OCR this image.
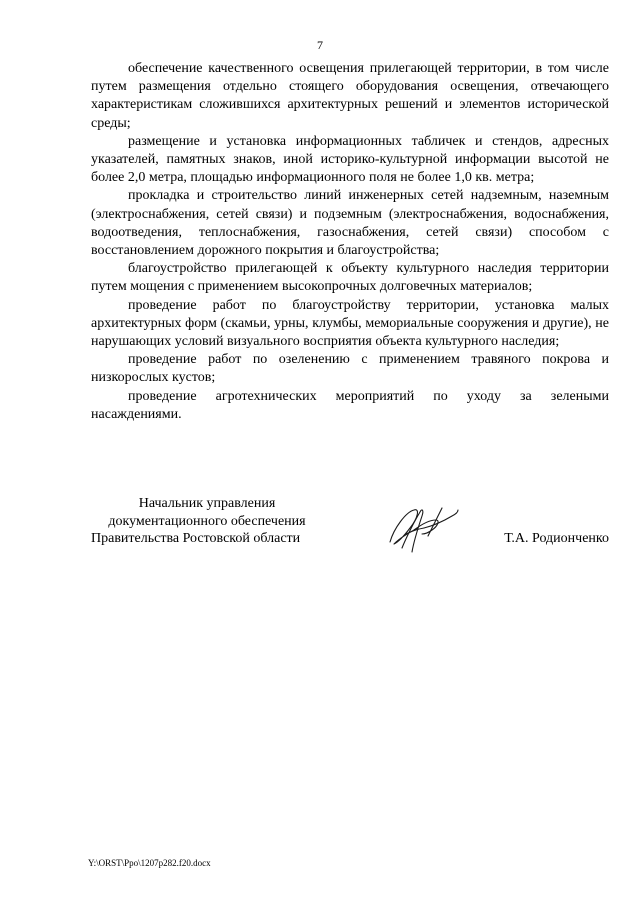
7

обеспечение качественного освещения прилегающей территории, в том числе путем размещения отдельно стоящего оборудования освещения, отвечающего характеристикам сложившихся архитектурных решений и элементов исторической среды;

размещение и установка информационных табличек и стендов, адресных указателей, памятных знаков, иной историко-культурной информации высотой не более 2,0 метра, площадью информационного поля не более 1,0 кв. метра;

прокладка и строительство линий инженерных сетей надземным, наземным (электроснабжения, сетей связи) и подземным (электроснабжения, водоснабжения, водоотведения, теплоснабжения, газоснабжения, сетей связи) способом с восстановлением дорожного покрытия и благоустройства;

благоустройство прилегающей к объекту культурного наследия территории путем мощения с применением высокопрочных долговечных материалов;

проведение работ по благоустройству территории, установка малых архитектурных форм (скамьи, урны, клумбы, мемориальные сооружения и другие), не нарушающих условий визуального восприятия объекта культурного наследия;

проведение работ по озеленению с применением травяного покрова и низкорослых кустов;

проведение агротехнических мероприятий по уходу за зелеными насаждениями.

Начальник управления
документационного обеспечения
Правительства Ростовской области	Т.А. Родионченко
Y:\ORST\Ppo\1207p282.f20.docx
